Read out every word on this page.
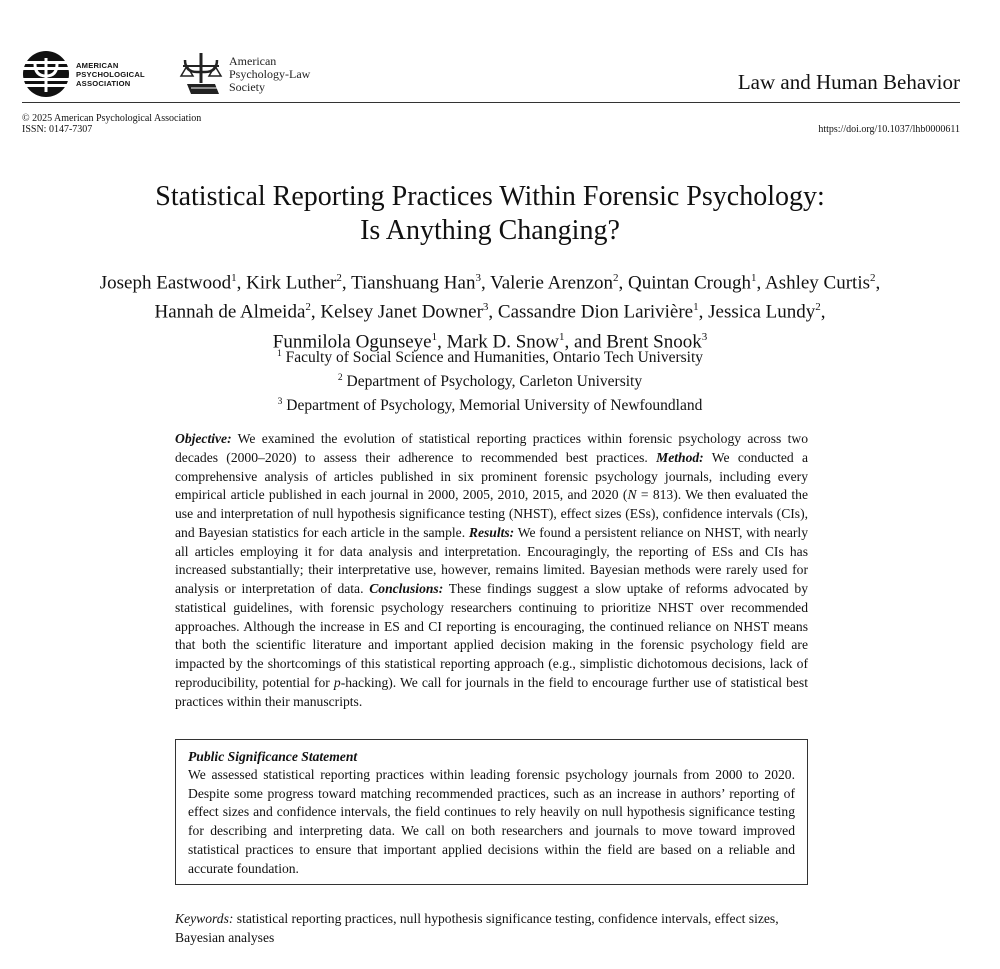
AMERICAN
PSYCHOLOGICAL
ASSOCIATION
American
Psychology-Law
Society	Law and Human Behavior
© 2025 American Psychological Association
ISSN: 0147-7307	https://doi.org/10.1037/lhb0000611
Statistical Reporting Practices Within Forensic Psychology:
Is Anything Changing?
Joseph Eastwood$^1$, Kirk Luther$^2$, Tianshuang Han$^3$, Valerie Arenzon$^2$, Quintan Crough$^1$, Ashley Curtis$^2$,
Hannah de Almeida$^2$, Kelsey Janet Downer$^3$, Cassandre Dion Larivière$^1$, Jessica Lundy$^2$,
Funmilola Ogunseye$^1$, Mark D. Snow$^1$, and Brent Snook$^3$
$^1$ Faculty of Social Science and Humanities, Ontario Tech University
$^2$ Department of Psychology, Carleton University
$^3$ Department of Psychology, Memorial University of Newfoundland
Objective: We examined the evolution of statistical reporting practices within forensic psychology across two decades (2000–2020) to assess their adherence to recommended best practices. Method: We conducted a comprehensive analysis of articles published in six prominent forensic psychology journals, including every empirical article published in each journal in 2000, 2005, 2010, 2015, and 2020 (N = 813). We then evaluated the use and interpretation of null hypothesis significance testing (NHST), effect sizes (ESs), confidence intervals (CIs), and Bayesian statistics for each article in the sample. Results: We found a persistent reliance on NHST, with nearly all articles employing it for data analysis and interpretation. Encouragingly, the reporting of ESs and CIs has increased substantially; their interpretative use, however, remains limited. Bayesian methods were rarely used for analysis or interpretation of data. Conclusions: These findings suggest a slow uptake of reforms advocated by statistical guidelines, with forensic psychology researchers continuing to prioritize NHST over recommended approaches. Although the increase in ES and CI reporting is encouraging, the continued reliance on NHST means that both the scientific literature and important applied decision making in the forensic psychology field are impacted by the shortcomings of this statistical reporting approach (e.g., simplistic dichotomous decisions, lack of reproducibility, potential for p-hacking). We call for journals in the field to encourage further use of statistical best practices within their manuscripts.
Public Significance Statement
We assessed statistical reporting practices within leading forensic psychology journals from 2000 to 2020. Despite some progress toward matching recommended practices, such as an increase in authors’ reporting of effect sizes and confidence intervals, the field continues to rely heavily on null hypothesis significance testing for describing and interpreting data. We call on both researchers and journals to move toward improved statistical practices to ensure that important applied decisions within the field are based on a reliable and accurate foundation.
Keywords: statistical reporting practices, null hypothesis significance testing, confidence intervals, effect sizes, Bayesian analyses
